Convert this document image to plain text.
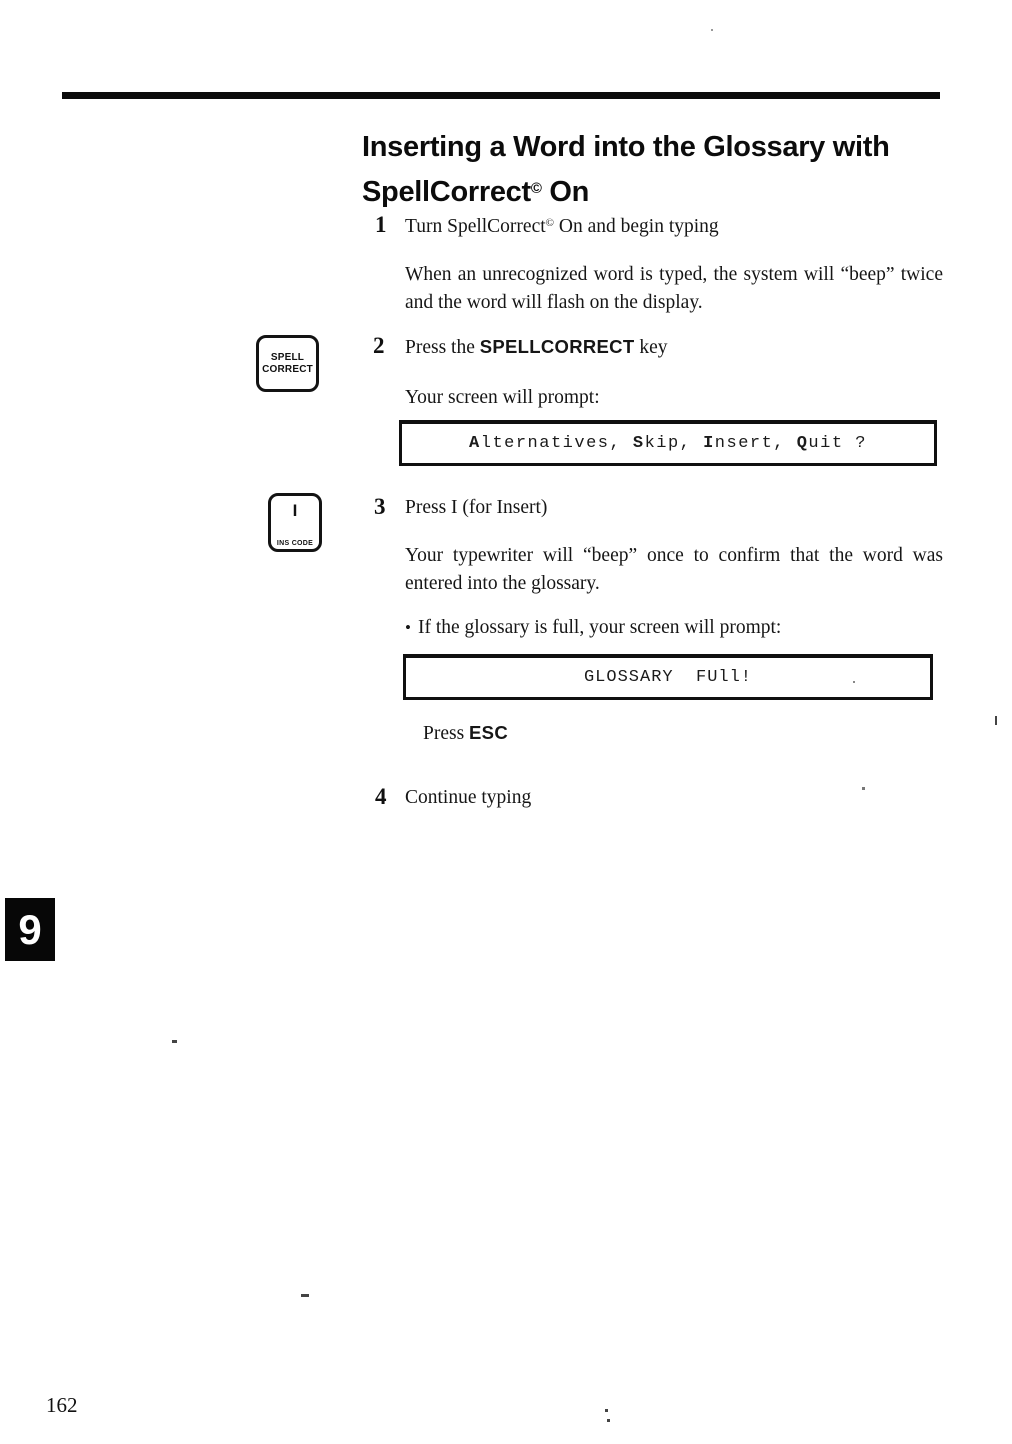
Inserting a Word into the Glossary with
SpellCorrect© On
1 Turn SpellCorrect© On and begin typing
When an unrecognized word is typed, the system will “beep” twice and the word will flash on the display.
SPELL
CORRECT
2 Press the SPELLCORRECT key
Your screen will prompt:
A lternatives, S kip, I nsert, Q uit ?
I
INS CODE
3 Press I (for Insert)
Your typewriter will “beep” once to confirm that the word was entered into the glossary.
• If the glossary is full, your screen will prompt:
GLOSSARY  FUll!
Press ESC
4 Continue typing
9
162
